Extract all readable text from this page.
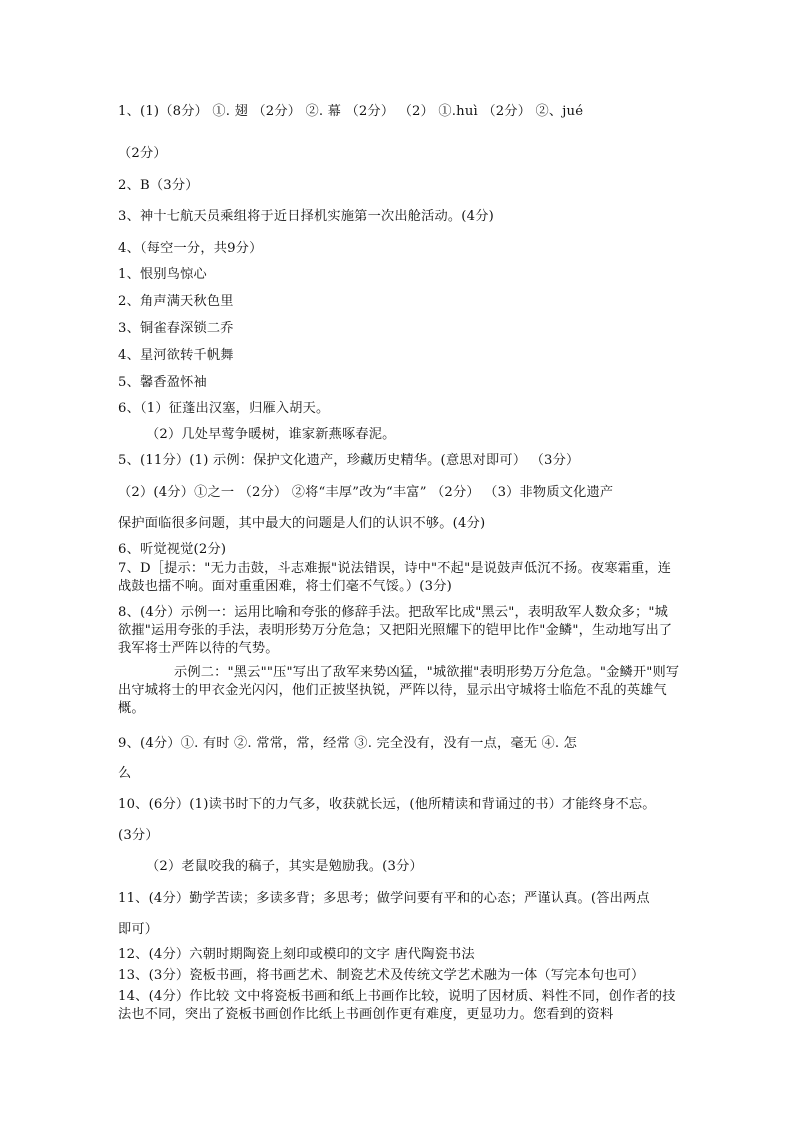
1、(1)（8分） ①. 翅 （2分） ②. 幕 （2分） （2） ①.huì （2分） ②、jué
（2分）
2、B（3分）
3、神十七航天员乘组将于近日择机实施第一次出舱活动。(4分)
4、（每空一分，共9分）
1、恨别鸟惊心
2、角声满天秋色里
3、铜雀春深锁二乔
4、星河欲转千帆舞
5、馨香盈怀袖
6、（1）征蓬出汉塞，归雁入胡天。
（2）几处早莺争暖树，谁家新燕啄春泥。
5、(11分）(1) 示例：保护文化遗产，珍藏历史精华。(意思对即可） （3分）
（2）(4分）①之一 （2分） ②将“丰厚”改为“丰富” （2分） （3）非物质文化遗产
保护面临很多问题，其中最大的问题是人们的认识不够。(4分)
6、听觉视觉(2分)
7、D［提示："无力击鼓，斗志难振"说法错误，诗中"不起"是说鼓声低沉不扬。夜寒霜重，连战鼓也擂不响。面对重重困难，将士们毫不气馁。）(3分)
8、(4分）示例一：运用比喻和夸张的修辞手法。把敌军比成"黑云"，表明敌军人数众多；"城欲摧"运用夸张的手法，表明形势万分危急；又把阳光照耀下的铠甲比作"金鳞"，生动地写出了我军将士严阵以待的气势。
示例二："黑云""压"写出了敌军来势凶猛，"城欲摧"表明形势万分危急。"金鳞开"则写出守城将士的甲衣金光闪闪，他们正披坚执锐，严阵以待，显示出守城将士临危不乱的英雄气概。
9、(4分）①. 有时 ②. 常常，常，经常 ③. 完全没有，没有一点，毫无 ④. 怎
么
10、(6分）(1)读书时下的力气多，收获就长远，(他所精读和背诵过的书）才能终身不忘。
(3分）
（2）老鼠咬我的稿子，其实是勉励我。(3分）
11、(4分）勤学苦读；多读多背；多思考；做学问要有平和的心态；严谨认真。(答出两点
即可）
12、(4分）六朝时期陶瓷上刻印或模印的文字 唐代陶瓷书法
13、(3分）瓷板书画，将书画艺术、制瓷艺术及传统文学艺术融为一体（写完本句也可）
14、(4分）作比较 文中将瓷板书画和纸上书画作比较，说明了因材质、料性不同，创作者的技法也不同，突出了瓷板书画创作比纸上书画创作更有难度，更显功力。您看到的资料
